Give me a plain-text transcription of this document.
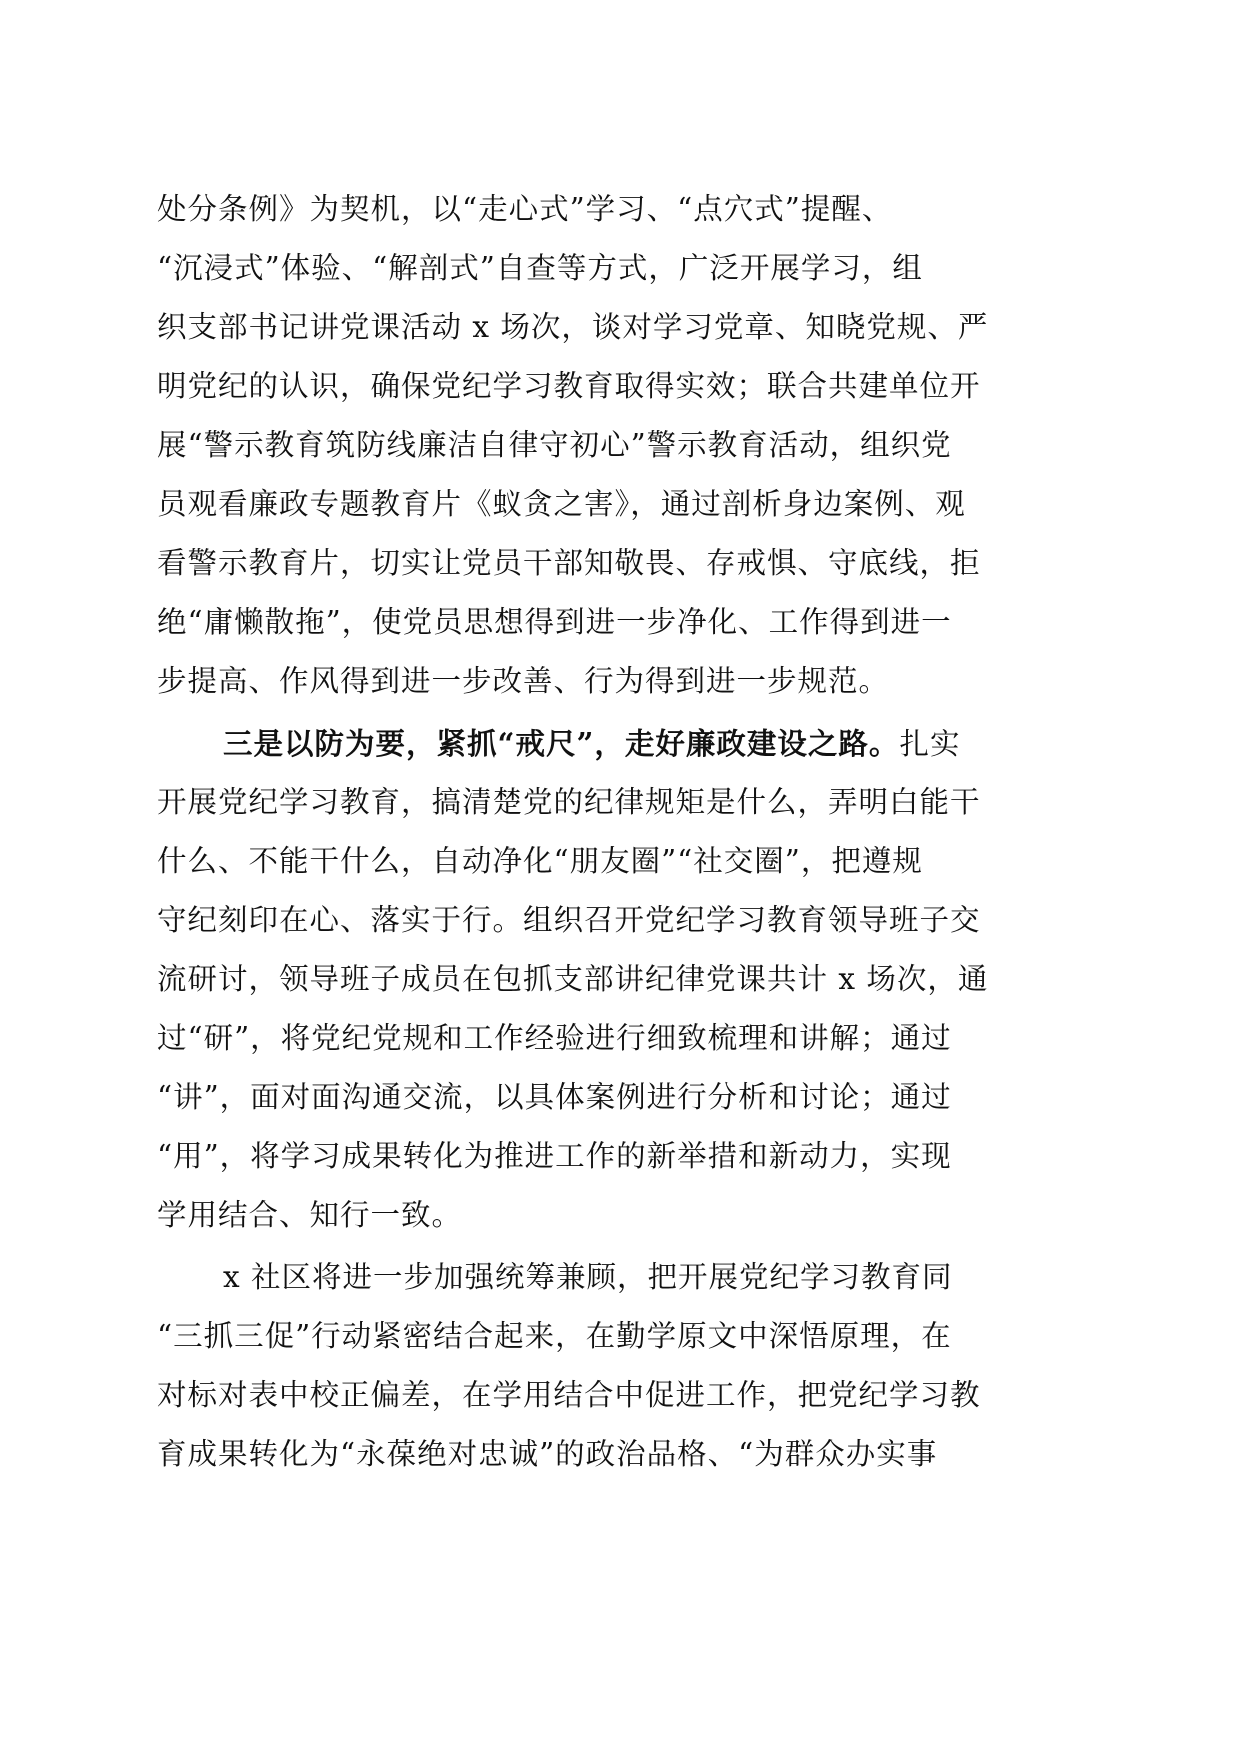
处分条例》为契机，以“走心式”学习、“点穴式”提醒、
“沉浸式”体验、“解剖式”自查等方式，广泛开展学习，组
织支部书记讲党课活动 x 场次，谈对学习党章、知晓党规、严
明党纪的认识，确保党纪学习教育取得实效；联合共建单位开
展“警示教育筑防线廉洁自律守初心”警示教育活动，组织党
员观看廉政专题教育片《蚁贪之害》，通过剖析身边案例、观
看警示教育片，切实让党员干部知敬畏、存戒惧、守底线，拒
绝“庸懒散拖”，使党员思想得到进一步净化、工作得到进一
步提高、作风得到进一步改善、行为得到进一步规范。
三是以防为要，紧抓“戒尺”，走好廉政建设之路。扎实
开展党纪学习教育，搞清楚党的纪律规矩是什么，弄明白能干
什么、不能干什么，自动净化“朋友圈”“社交圈”，把遵规
守纪刻印在心、落实于行。组织召开党纪学习教育领导班子交
流研讨，领导班子成员在包抓支部讲纪律党课共计 x 场次，通
过“研”，将党纪党规和工作经验进行细致梳理和讲解；通过
“讲”，面对面沟通交流，以具体案例进行分析和讨论；通过
“用”，将学习成果转化为推进工作的新举措和新动力，实现
学用结合、知行一致。
x 社区将进一步加强统筹兼顾，把开展党纪学习教育同
“三抓三促”行动紧密结合起来，在勤学原文中深悟原理，在
对标对表中校正偏差，在学用结合中促进工作，把党纪学习教
育成果转化为“永葆绝对忠诚”的政治品格、“为群众办实事
